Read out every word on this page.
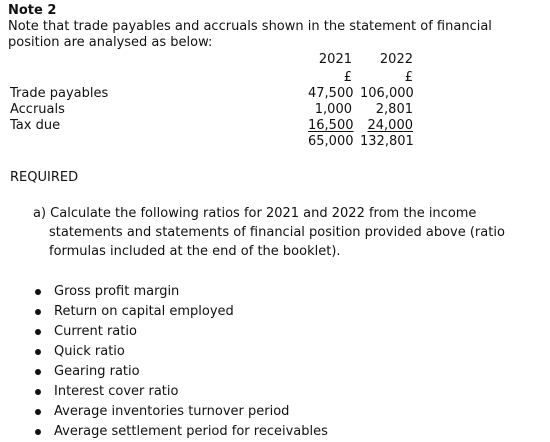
Note 2
Note that trade payables and accruals shown in the statement of financial
position are analysed as below:
2021	2022
£	£
Trade payables	47,500 106,000
Accruals	1,000	2,801
Tax due	16,500	24,000
65,000 132,801
REQUIRED
a) Calculate the following ratios for 2021 and 2022 from the income
statements and statements of financial position provided above (ratio
formulas included at the end of the booklet).
Gross profit margin
Return on capital employed
Current ratio
Quick ratio
Gearing ratio
Interest cover ratio
Average inventories turnover period
Average settlement period for receivables
